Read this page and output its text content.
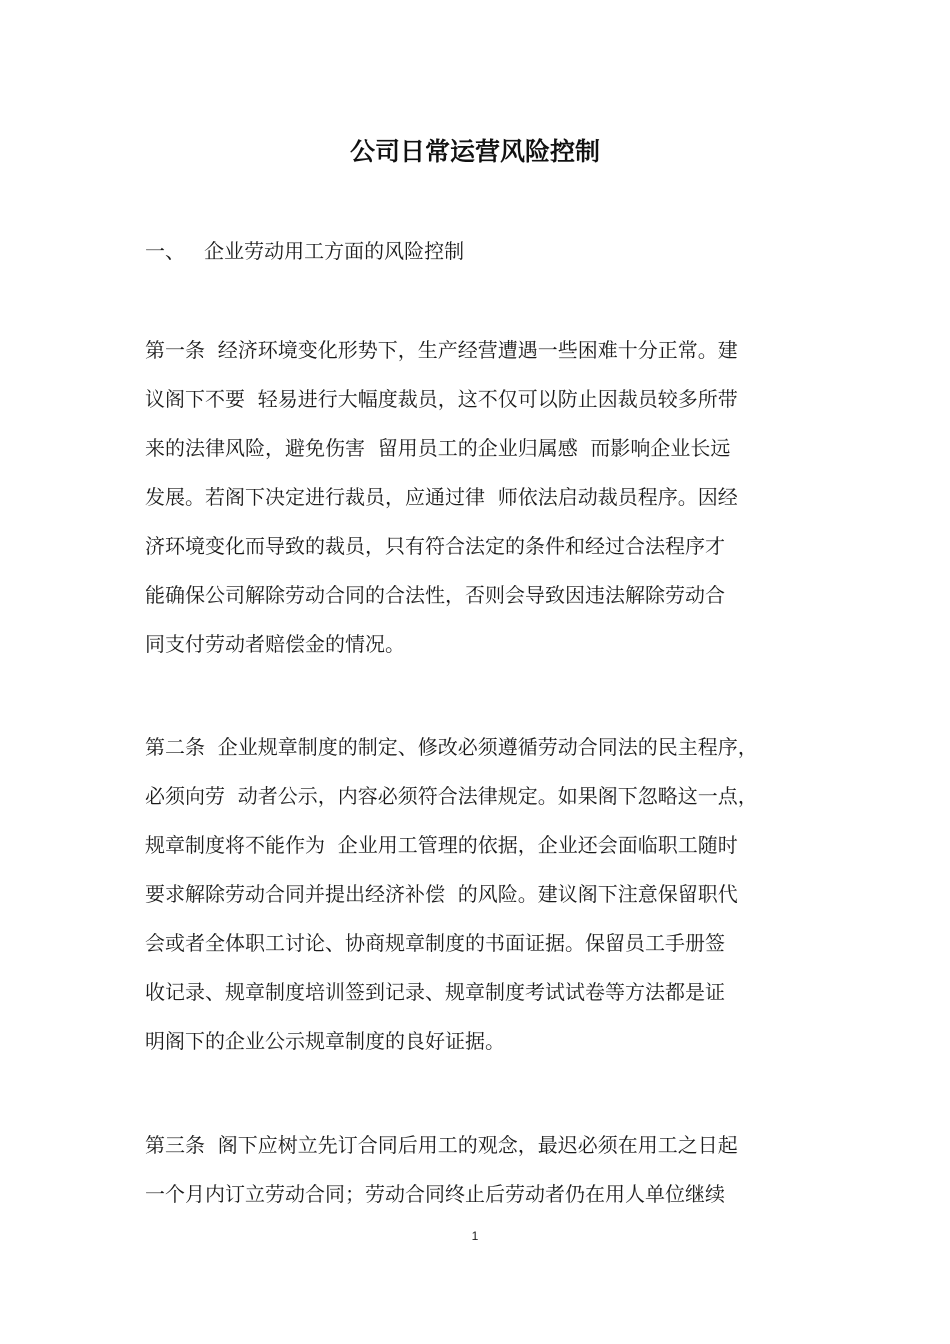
公司日常运营风险控制
一、   企业劳动用工方面的风险控制
第一条  经济环境变化形势下，生产经营遭遇一些困难十分正常。建
议阁下不要  轻易进行大幅度裁员，这不仅可以防止因裁员较多所带
来的法律风险，避免伤害  留用员工的企业归属感  而影响企业长远
发展。若阁下决定进行裁员，应通过律  师依法启动裁员程序。因经
济环境变化而导致的裁员，只有符合法定的条件和经过合法程序才
能确保公司解除劳动合同的合法性，否则会导致因违法解除劳动合
同支付劳动者赔偿金的情况。
第二条  企业规章制度的制定、修改必须遵循劳动合同法的民主程序，
必须向劳  动者公示，内容必须符合法律规定。如果阁下忽略这一点，
规章制度将不能作为  企业用工管理的依据，企业还会面临职工随时
要求解除劳动合同并提出经济补偿  的风险。建议阁下注意保留职代
会或者全体职工讨论、协商规章制度的书面证据。保留员工手册签
收记录、规章制度培训签到记录、规章制度考试试卷等方法都是证
明阁下的企业公示规章制度的良好证据。
第三条  阁下应树立先订合同后用工的观念，最迟必须在用工之日起
一个月内订立劳动合同；劳动合同终止后劳动者仍在用人单位继续
1
